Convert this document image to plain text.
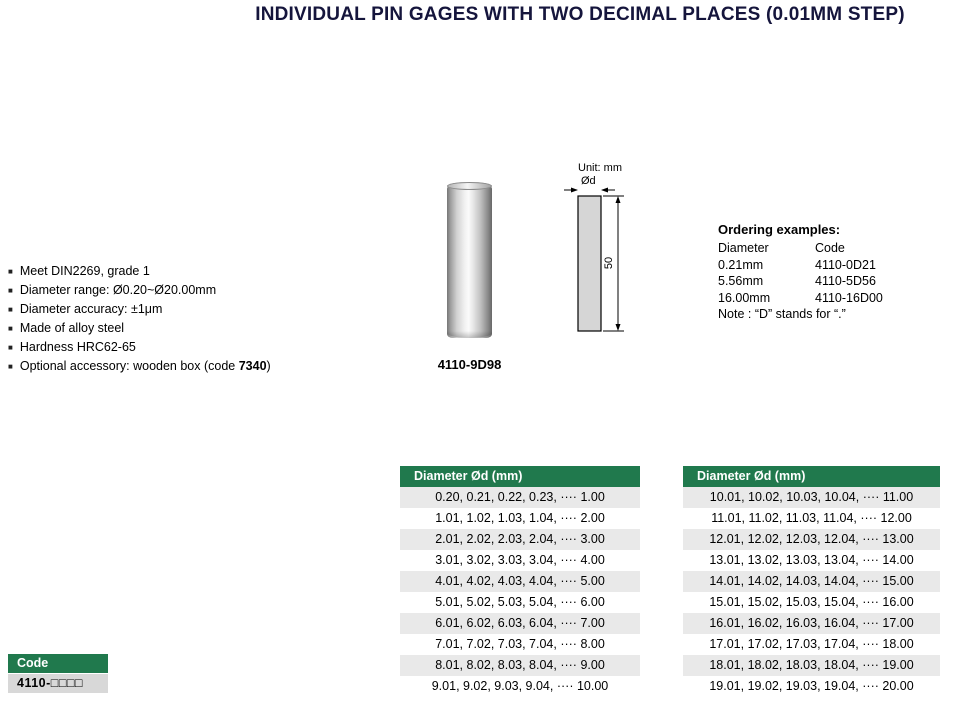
INDIVIDUAL PIN GAGES WITH TWO DECIMAL PLACES (0.01MM STEP)
■ Meet DIN2269, grade 1
■ Diameter range: Ø0.20~Ø20.00mm
■ Diameter accuracy: ±1μm
■ Made of alloy steel
■ Hardness HRC62-65
■ Optional accessory: wooden box (code 7340)	4110-9D98
Unit: mm
Ød
50
Ordering examples:
Diameter	Code
0.21mm	4110-0D21
5.56mm	4110-5D56
16.00mm	4110-16D00
Note : “D” stands for “.”
Code
4110-□□□□
Diameter Ød (mm)
0.20, 0.21, 0.22, 0.23, ···· 1.00
1.01, 1.02, 1.03, 1.04, ···· 2.00
2.01, 2.02, 2.03, 2.04, ···· 3.00
3.01, 3.02, 3.03, 3.04, ···· 4.00
4.01, 4.02, 4.03, 4.04, ···· 5.00
5.01, 5.02, 5.03, 5.04, ···· 6.00
6.01, 6.02, 6.03, 6.04, ···· 7.00
7.01, 7.02, 7.03, 7.04, ···· 8.00
8.01, 8.02, 8.03, 8.04, ···· 9.00
9.01, 9.02, 9.03, 9.04, ···· 10.00
Diameter Ød (mm)
10.01, 10.02, 10.03, 10.04, ···· 11.00
11.01, 11.02, 11.03, 11.04, ···· 12.00
12.01, 12.02, 12.03, 12.04, ···· 13.00
13.01, 13.02, 13.03, 13.04, ···· 14.00
14.01, 14.02, 14.03, 14.04, ···· 15.00
15.01, 15.02, 15.03, 15.04, ···· 16.00
16.01, 16.02, 16.03, 16.04, ···· 17.00
17.01, 17.02, 17.03, 17.04, ···· 18.00
18.01, 18.02, 18.03, 18.04, ···· 19.00
19.01, 19.02, 19.03, 19.04, ···· 20.00
